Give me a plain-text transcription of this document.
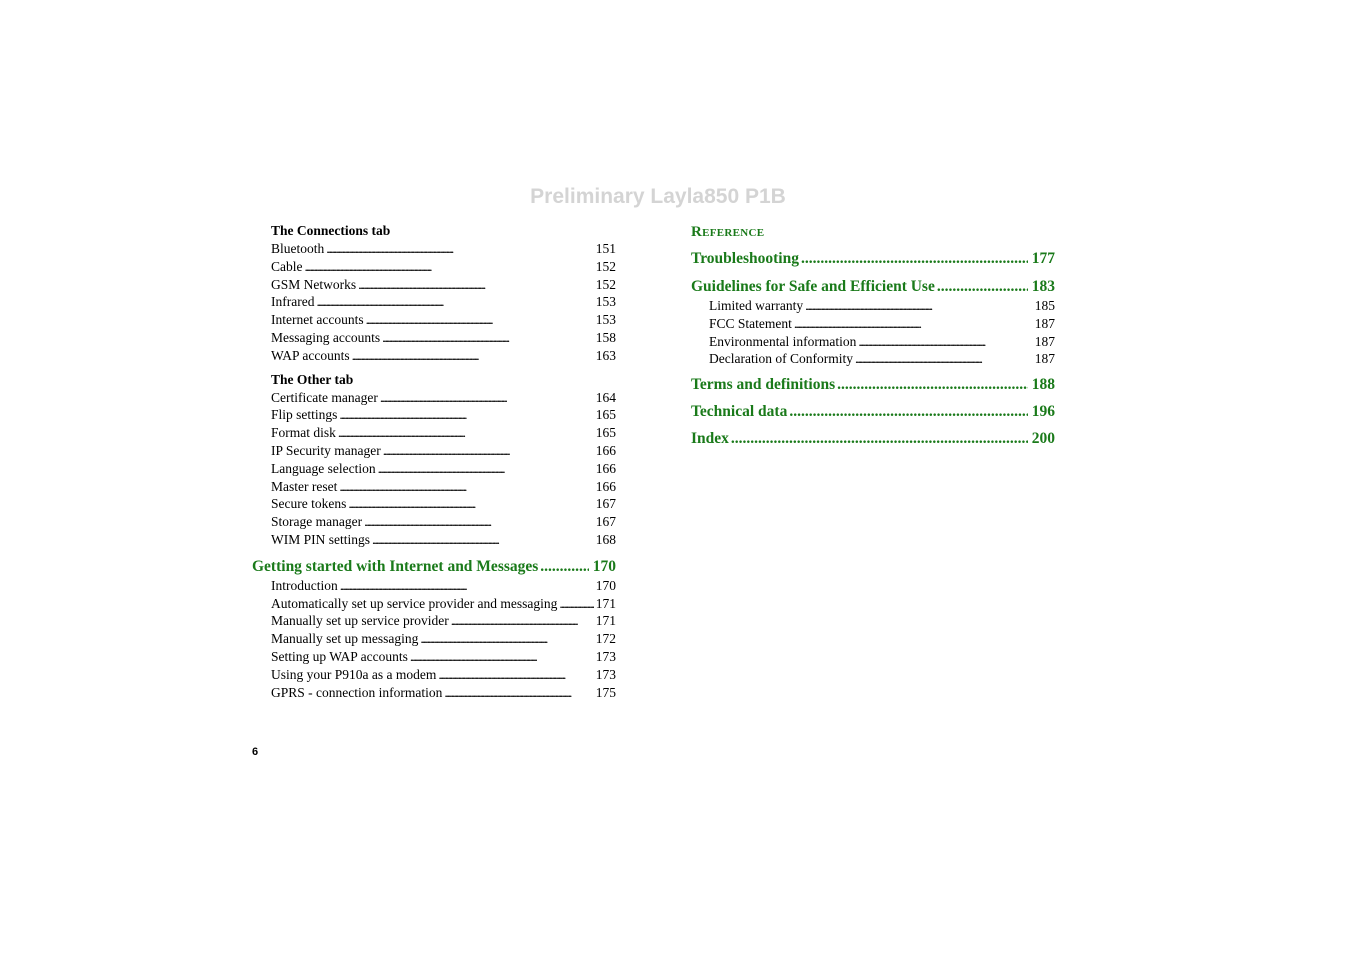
Preliminary Layla850 P1B
The Connections tab
Bluetooth . . .	151
Cable . . .	152
GSM Networks . . .	152
Infrared . . .	153
Internet accounts . . .	153
Messaging accounts . . .	158
WAP accounts . . .	163
The Other tab
Certificate manager . . .	164
Flip settings . . .	165
Format disk . . .	165
IP Security manager . . .	166
Language selection . . .	166
Master reset . . .	166
Secure tokens . . .	167
Storage manager . . .	167
WIM PIN settings . . .	168
Getting started with Internet and Messages .....	170
Introduction . . .	170
Automatically set up service provider and messaging . . .	171
Manually set up service provider . . .	171
Manually set up messaging . . .	172
Setting up WAP accounts . . .	173
Using your P910a as a modem . . .	173
GPRS - connection information . . .	175
Reference
Troubleshooting .....	177
Guidelines for Safe and Efficient Use .....	183
Limited warranty . . .	185
FCC Statement . . .	187
Environmental information . . .	187
Declaration of Conformity . . .	187
Terms and definitions .....	188
Technical data .....	196
Index .....	200
6
